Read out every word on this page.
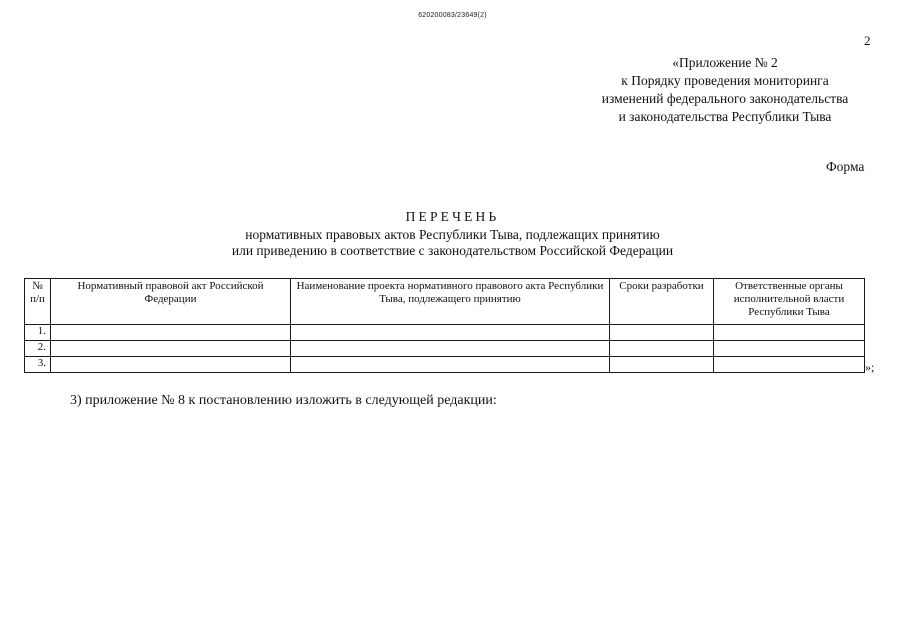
620200083/23649(2)
2
«Приложение № 2
к Порядку проведения мониторинга
изменений федерального законодательства
и законодательства Республики Тыва
Форма
ПЕРЕЧЕНЬ
нормативных правовых актов Республики Тыва, подлежащих принятию
или приведению в соответствие с законодательством Российской Федерации
№ п/п	Нормативный правовой акт Российской Федерации	Наименование проекта нормативного правового акта Республики Тыва, подлежащего принятию	Сроки разработки	Ответственные органы исполнительной власти Республики Тыва
1.				
2.				
3.					»;
3) приложение № 8 к постановлению изложить в следующей редакции:
